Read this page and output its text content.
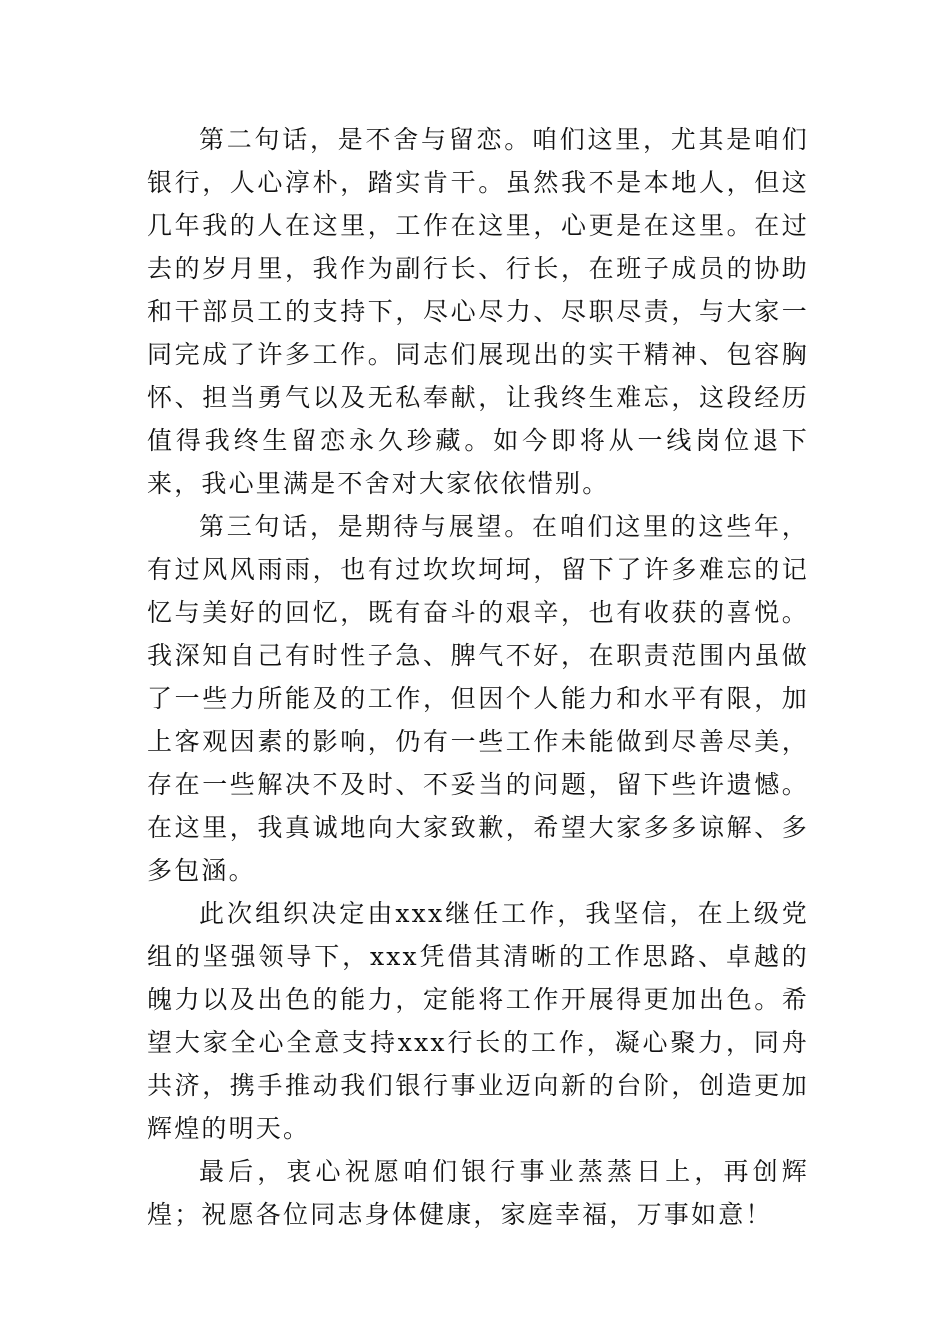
第二句话，是不舍与留恋。咱们这里，尤其是咱们银行，人心淳朴，踏实肯干。虽然我不是本地人，但这几年我的人在这里，工作在这里，心更是在这里。在过去的岁月里，我作为副行长、行长，在班子成员的协助和干部员工的支持下，尽心尽力、尽职尽责，与大家一同完成了许多工作。同志们展现出的实干精神、包容胸怀、担当勇气以及无私奉献，让我终生难忘，这段经历值得我终生留恋永久珍藏。如今即将从一线岗位退下来，我心里满是不舍对大家依依惜别。

第三句话，是期待与展望。在咱们这里的这些年，有过风风雨雨，也有过坎坎坷坷，留下了许多难忘的记忆与美好的回忆，既有奋斗的艰辛，也有收获的喜悦。我深知自己有时性子急、脾气不好，在职责范围内虽做了一些力所能及的工作，但因个人能力和水平有限，加上客观因素的影响，仍有一些工作未能做到尽善尽美，存在一些解决不及时、不妥当的问题，留下些许遗憾。在这里，我真诚地向大家致歉，希望大家多多谅解、多多包涵。

此次组织决定由xxx继任工作，我坚信，在上级党组的坚强领导下，xxx凭借其清晰的工作思路、卓越的魄力以及出色的能力，定能将工作开展得更加出色。希望大家全心全意支持xxx行长的工作，凝心聚力，同舟共济，携手推动我们银行事业迈向新的台阶，创造更加辉煌的明天。

最后，衷心祝愿咱们银行事业蒸蒸日上，再创辉煌；祝愿各位同志身体健康，家庭幸福，万事如意！
